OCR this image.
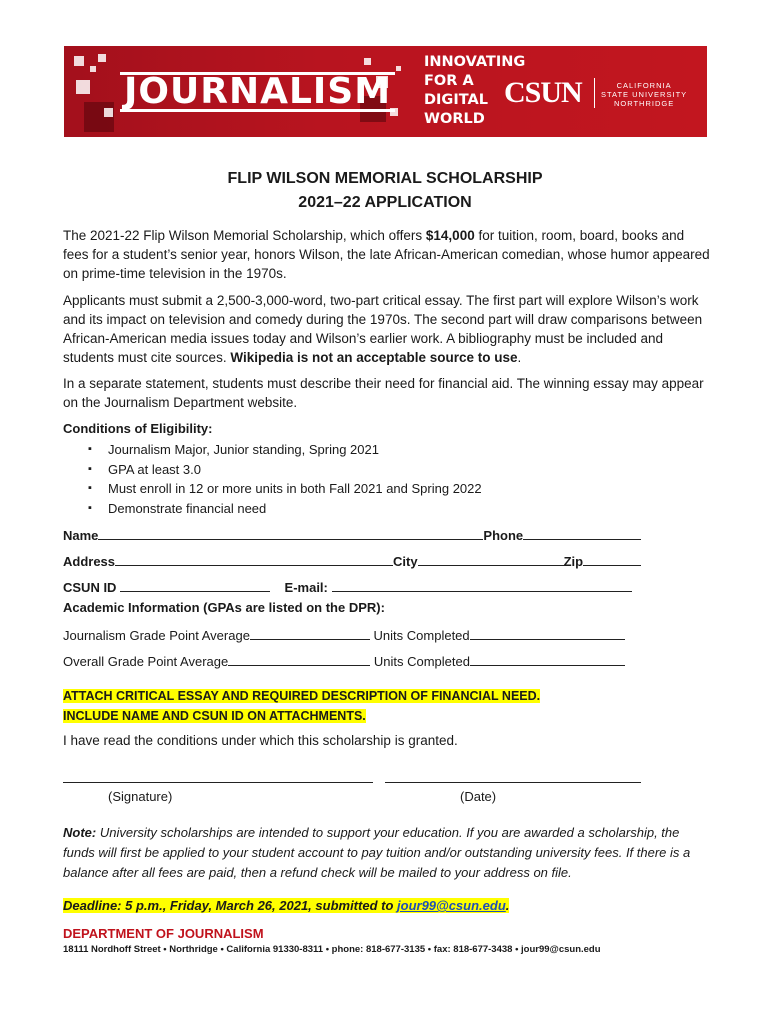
JOURNALISM
INNOVATING
FOR A
DIGITAL
WORLD
CSUN	CALIFORNIA
STATE UNIVERSITY
NORTHRIDGE
FLIP WILSON MEMORIAL SCHOLARSHIP
2021–22 APPLICATION

The 2021-22 Flip Wilson Memorial Scholarship, which offers $14,000 for tuition, room, board, books and fees for a student’s senior year, honors Wilson, the late African-American comedian, whose humor appeared on prime-time television in the 1970s.

Applicants must submit a 2,500-3,000-word, two-part critical essay. The first part will explore Wilson’s work and its impact on television and comedy during the 1970s. The second part will draw comparisons between African-American media issues today and Wilson’s earlier work. A bibliography must be included and students must cite sources. Wikipedia is not an acceptable source to use.

In a separate statement, students must describe their need for financial aid. The winning essay may appear on the Journalism Department website.

Conditions of Eligibility:
▪ Journalism Major, Junior standing, Spring 2021
▪ GPA at least 3.0
▪ Must enroll in 12 or more units in both Fall 2021 and Spring 2022
▪ Demonstrate financial need
Name	Phone
Address	City	Zip
CSUN ID	E-mail:
Academic Information (GPAs are listed on the DPR):
Journalism Grade Point Average	Units Completed
Overall Grade Point Average	Units Completed
ATTACH CRITICAL ESSAY AND REQUIRED DESCRIPTION OF FINANCIAL NEED.
INCLUDE NAME AND CSUN ID ON ATTACHMENTS.
I have read the conditions under which this scholarship is granted.
(Signature)	(Date)
Note: University scholarships are intended to support your education. If you are awarded a scholarship, the funds will first be applied to your student account to pay tuition and/or outstanding university fees. If there is a balance after all fees are paid, then a refund check will be mailed to your address on file.
Deadline: 5 p.m., Friday, March 26, 2021, submitted to jour99@csun.edu.
DEPARTMENT OF JOURNALISM
18111 Nordhoff Street • Northridge • California 91330-8311 • phone: 818-677-3135 • fax: 818-677-3438 • jour99@csun.edu
